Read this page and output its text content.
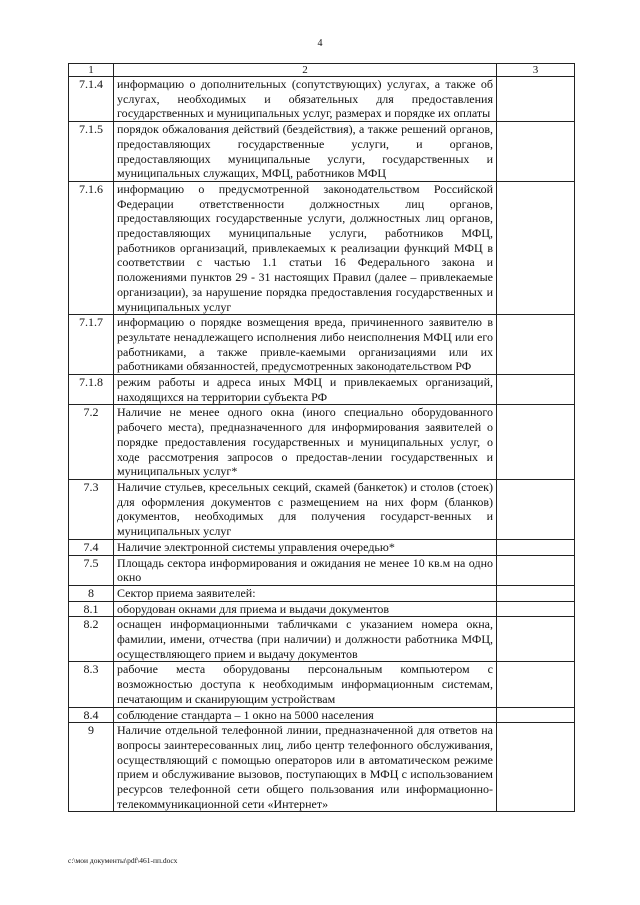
4
1	2	3
7.1.4	информацию о дополнительных (сопутствующих) услугах, а также об услугах, необходимых и обязательных для предоставления государственных и муниципальных услуг, размерах и порядке их оплаты	
7.1.5	порядок обжалования действий (бездействия), а также решений органов, предоставляющих государственные услуги, и органов, предоставляющих муниципальные услуги, государственных и муниципальных служащих, МФЦ, работников МФЦ	
7.1.6	информацию о предусмотренной законодательством Российской Федерации ответственности должностных лиц органов, предоставляющих государственные услуги, должностных лиц органов, предоставляющих муниципальные услуги, работников МФЦ, работников организаций, привлекаемых к реализации функций МФЦ в соответствии с частью 1.1 статьи 16 Федерального закона и положениями пунктов 29 - 31 настоящих Правил (далее – привлекаемые организации), за нарушение порядка предоставления государственных и муниципальных услуг	
7.1.7	информацию о порядке возмещения вреда, причиненного заявителю в результате ненадлежащего исполнения либо неисполнения МФЦ или его работниками, а также привле-каемыми организациями или их работниками обязанностей, предусмотренных законодательством РФ	
7.1.8	режим работы и адреса иных МФЦ и привлекаемых организаций, находящихся на территории субъекта РФ	
7.2	Наличие не менее одного окна (иного специально оборудованного рабочего места), предназначенного для информирования заявителей о порядке предоставления государственных и муниципальных услуг, о ходе рассмотрения запросов о предостав-лении государственных и муниципальных услуг*	
7.3	Наличие стульев, кресельных секций, скамей (банкеток) и столов (стоек) для оформления документов с размещением на них форм (бланков) документов, необходимых для получения государст-венных и муниципальных услуг	
7.4	Наличие электронной системы управления очередью*	
7.5	Площадь сектора информирования и ожидания не менее 10 кв.м на одно окно	
8	Сектор приема заявителей:	
8.1	оборудован окнами для приема и выдачи документов	
8.2	оснащен информационными табличками с указанием номера окна, фамилии, имени, отчества (при наличии) и должности работника МФЦ, осуществляющего прием и выдачу документов	
8.3	рабочие места оборудованы персональным компьютером с возможностью доступа к необходимым информационным системам, печатающим и сканирующим устройствам	
8.4	соблюдение стандарта – 1 окно на 5000 населения	
9	Наличие отдельной телефонной линии, предназначенной для ответов на вопросы заинтересованных лиц, либо центр телефонного обслуживания, осуществляющий с помощью операторов или в автоматическом режиме прием и обслуживание вызовов, поступающих в МФЦ с использованием ресурсов телефонной сети общего пользования или информационно-телекоммуникационной сети «Интернет»	
c:\мои документы\pdf\461-пп.docx
